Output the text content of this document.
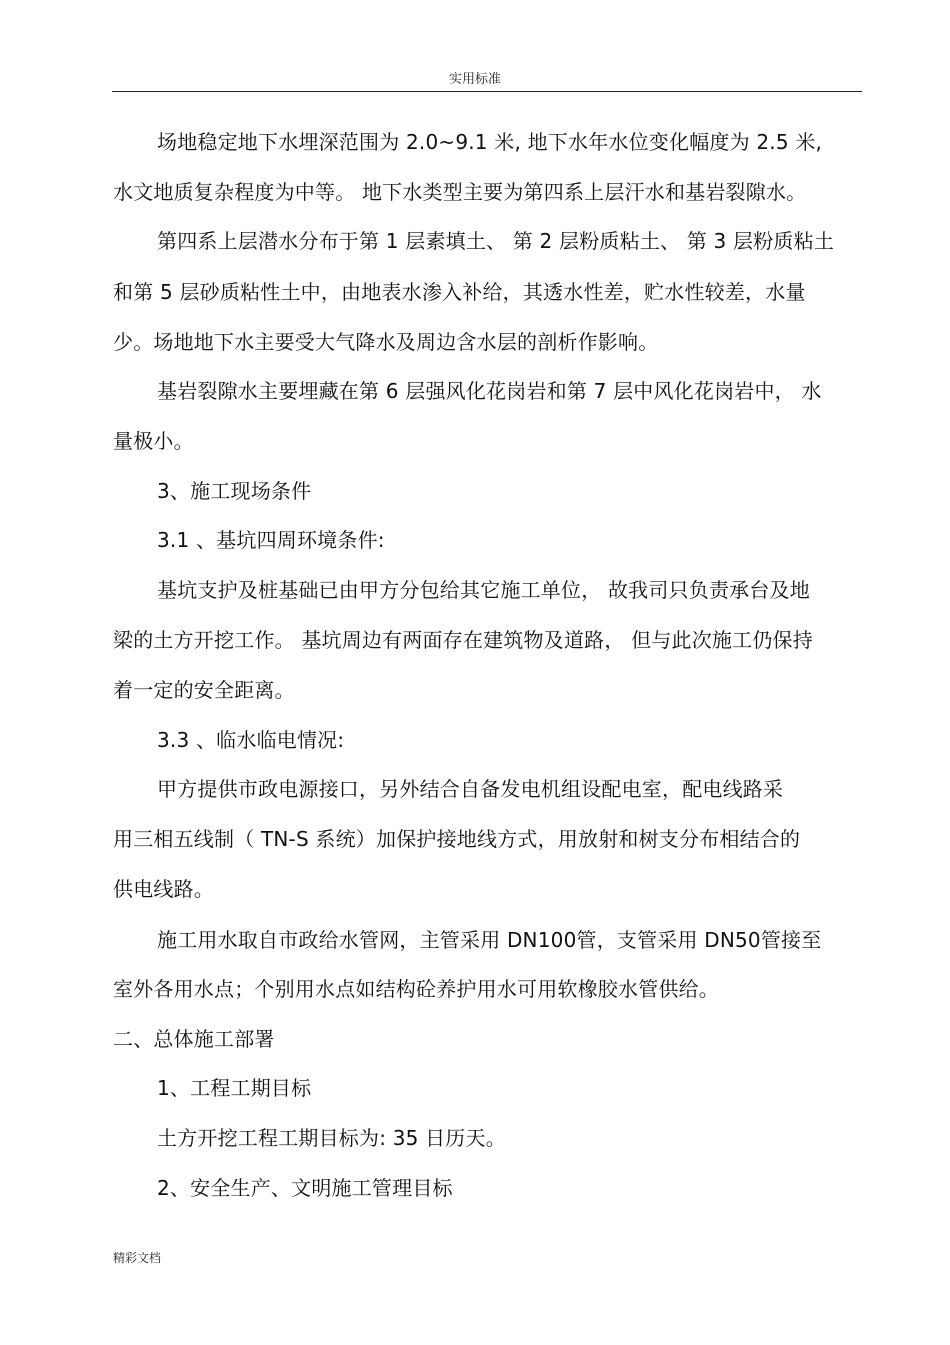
实用标准
场地稳定地下水埋深范围为 2.0~9.1 米, 地下水年水位变化幅度为 2.5 米,
水文地质复杂程度为中等。 地下水类型主要为第四系上层汗水和基岩裂隙水。
第四系上层潜水分布于第 1 层素填土、 第 2 层粉质粘土、 第 3 层粉质粘土
和第 5 层砂质粘性土中，由地表水渗入补给，其透水性差，贮水性较差，水量
少。场地地下水主要受大气降水及周边含水层的剖析作影响。
基岩裂隙水主要埋藏在第 6 层强风化花岗岩和第 7 层中风化花岗岩中， 水
量极小。
3、施工现场条件
3.1 、基坑四周环境条件:
基坑支护及桩基础已由甲方分包给其它施工单位， 故我司只负责承台及地
梁的土方开挖工作。 基坑周边有两面存在建筑物及道路， 但与此次施工仍保持
着一定的安全距离。
3.3 、临水临电情况:
甲方提供市政电源接口，另外结合自备发电机组设配电室，配电线路采
用三相五线制（ TN-S 系统）加保护接地线方式，用放射和树支分布相结合的
供电线路。
施工用水取自市政给水管网，主管采用 DN100管，支管采用 DN50管接至
室外各用水点；个别用水点如结构砼养护用水可用软橡胶水管供给。
二、总体施工部署
1、工程工期目标
土方开挖工程工期目标为: 35 日历天。
2、安全生产、文明施工管理目标
精彩文档
